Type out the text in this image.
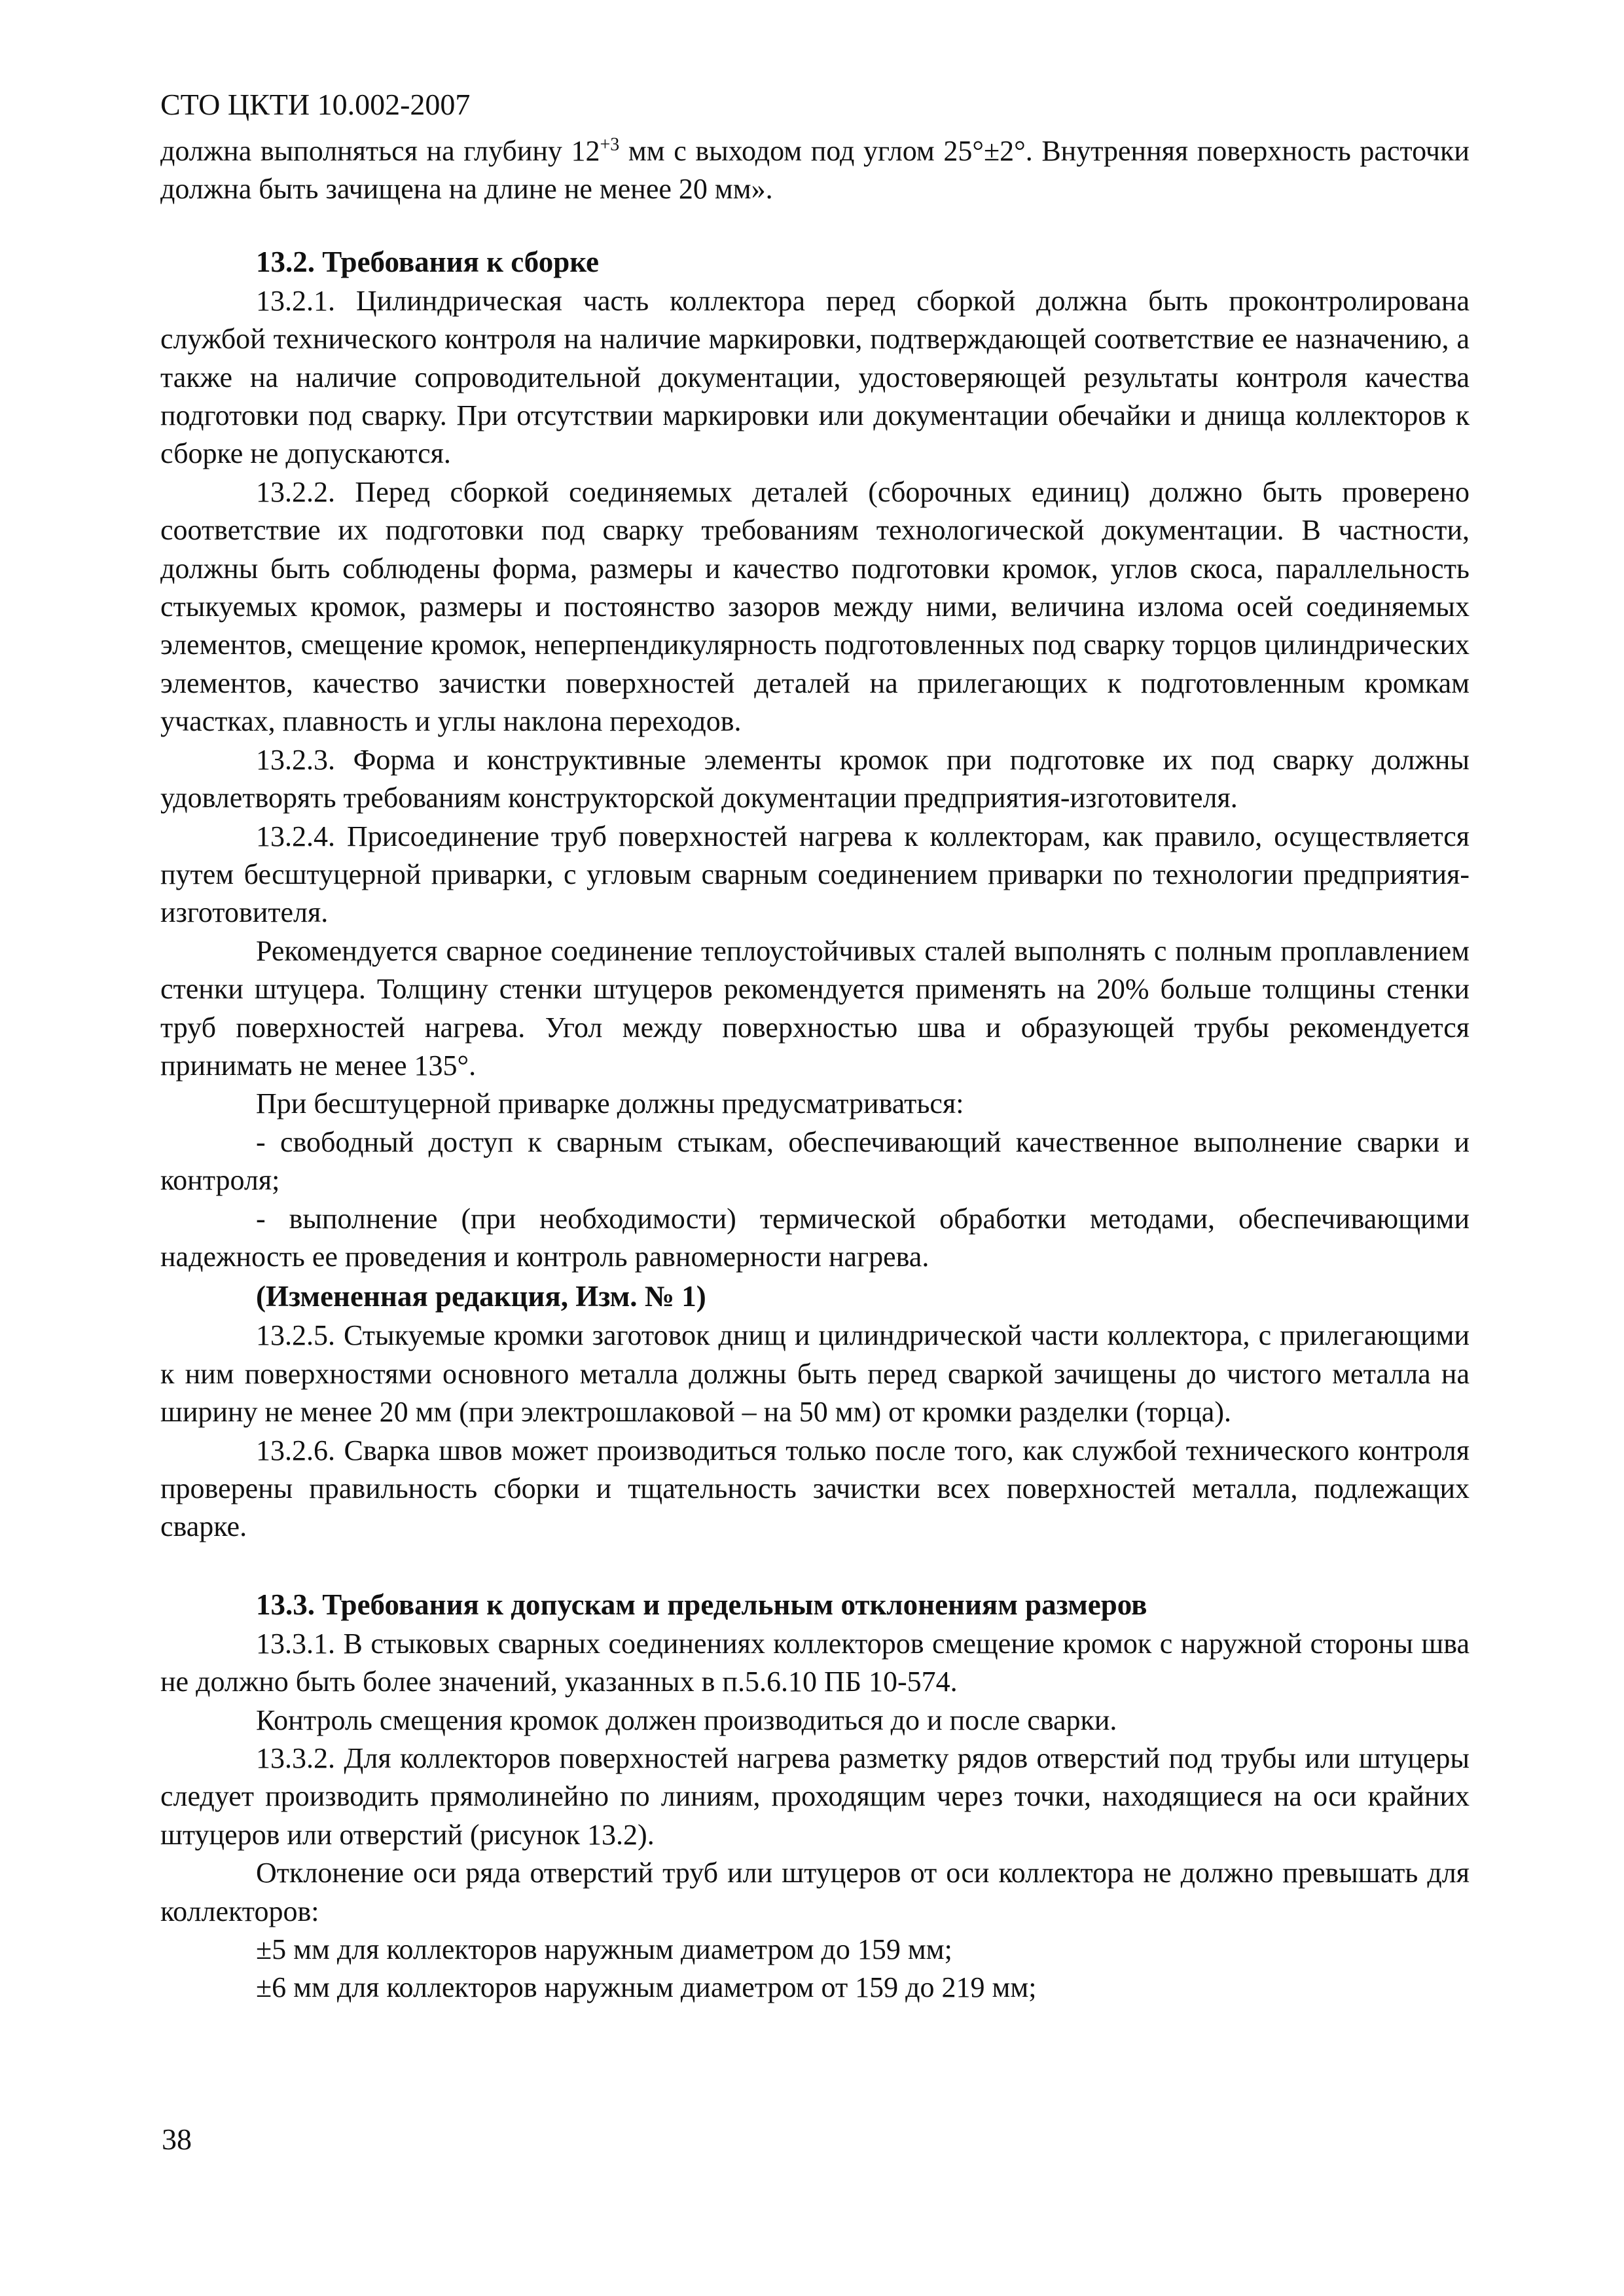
СТО ЦКТИ 10.002-2007

должна выполняться на глубину $12^{+3}$ мм с выходом под углом 25°±2°. Внутренняя поверхность расточки должна быть зачищена на длине не менее 20 мм».

13.2. Требования к сборке

13.2.1. Цилиндрическая часть коллектора перед сборкой должна быть проконтролирована службой технического контроля на наличие маркировки, подтверждающей соответствие ее назначению, а также на наличие сопроводительной документации, удостоверяющей результаты контроля качества подготовки под сварку. При отсутствии маркировки или документации обечайки и днища коллекторов к сборке не допускаются.

13.2.2. Перед сборкой соединяемых деталей (сборочных единиц) должно быть проверено соответствие их подготовки под сварку требованиям технологической документации. В частности, должны быть соблюдены форма, размеры и качество подготовки кромок, углов скоса, параллельность стыкуемых кромок, размеры и постоянство зазоров между ними, величина излома осей соединяемых элементов, смещение кромок, неперпендикулярность подготовленных под сварку торцов цилиндрических элементов, качество зачистки поверхностей деталей на прилегающих к подготовленным кромкам участках, плавность и углы наклона переходов.

13.2.3. Форма и конструктивные элементы кромок при подготовке их под сварку должны удовлетворять требованиям конструкторской документации предприятия-изготовителя.

13.2.4. Присоединение труб поверхностей нагрева к коллекторам, как правило, осуществляется путем бесштуцерной приварки, с угловым сварным соединением приварки по технологии предприятия-изготовителя.

Рекомендуется сварное соединение теплоустойчивых сталей выполнять с полным проплавлением стенки штуцера. Толщину стенки штуцеров рекомендуется применять на 20% больше толщины стенки труб поверхностей нагрева. Угол между поверхностью шва и образующей трубы рекомендуется принимать не менее 135°.

При бесштуцерной приварке должны предусматриваться:

- свободный доступ к сварным стыкам, обеспечивающий качественное выполнение сварки и контроля;

- выполнение (при необходимости) термической обработки методами, обеспечивающими надежность ее проведения и контроль равномерности нагрева.

(Измененная редакция, Изм. № 1)

13.2.5. Стыкуемые кромки заготовок днищ и цилиндрической части коллектора, с прилегающими к ним поверхностями основного металла должны быть перед сваркой зачищены до чистого металла на ширину не менее 20 мм (при электрошлаковой – на 50 мм) от кромки разделки (торца).

13.2.6. Сварка швов может производиться только после того, как службой технического контроля проверены правильность сборки и тщательность зачистки всех поверхностей металла, подлежащих сварке.

13.3. Требования к допускам и предельным отклонениям размеров

13.3.1. В стыковых сварных соединениях коллекторов смещение кромок с наружной стороны шва не должно быть более значений, указанных в п.5.6.10 ПБ 10-574.

Контроль смещения кромок должен производиться до и после сварки.

13.3.2. Для коллекторов поверхностей нагрева разметку рядов отверстий под трубы или штуцеры следует производить прямолинейно по линиям, проходящим через точки, находящиеся на оси крайних штуцеров или отверстий (рисунок 13.2).

Отклонение оси ряда отверстий труб или штуцеров от оси коллектора не должно превышать для коллекторов:

±5 мм для коллекторов наружным диаметром до 159 мм;

±6 мм для коллекторов наружным диаметром от 159 до 219 мм;

38
